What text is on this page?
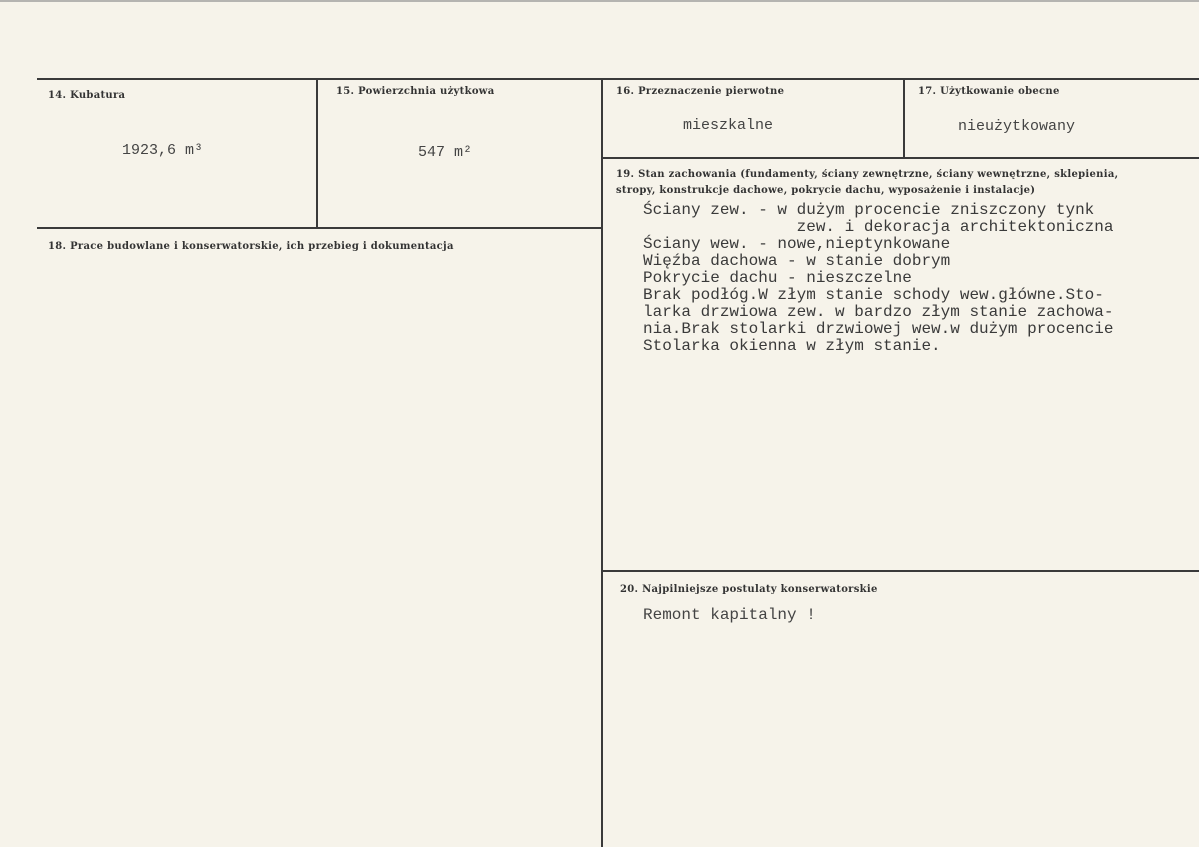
14. Kubatura
1923,6 m³
15. Powierzchnia użytkowa
547 m²
16. Przeznaczenie pierwotne
mieszkalne
17. Użytkowanie obecne
nieużytkowany
18. Prace budowlane i konserwatorskie, ich przebieg i dokumentacja
19. Stan zachowania (fundamenty, ściany zewnętrzne, ściany wewnętrzne, sklepienia, stropy, konstrukcje dachowe, pokrycie dachu, wyposażenie i instalacje)
Ściany zew. - w dużym procencie zniszczony tynk
zew. i dekoracja architektoniczna
Ściany wew. - nowe,nieptynkowane
Więźba dachowa - w stanie dobrym
Pokrycie dachu - nieszczelne
Brak podłóg.W złym stanie schody wew.główne.Sto-
larka drzwiowa zew. w bardzo złym stanie zachowa-
nia.Brak stolarki drzwiowej wew.w dużym procencie
Stolarka okienna w złym stanie.
20. Najpilniejsze postulaty konserwatorskie
Remont kapitalny !
